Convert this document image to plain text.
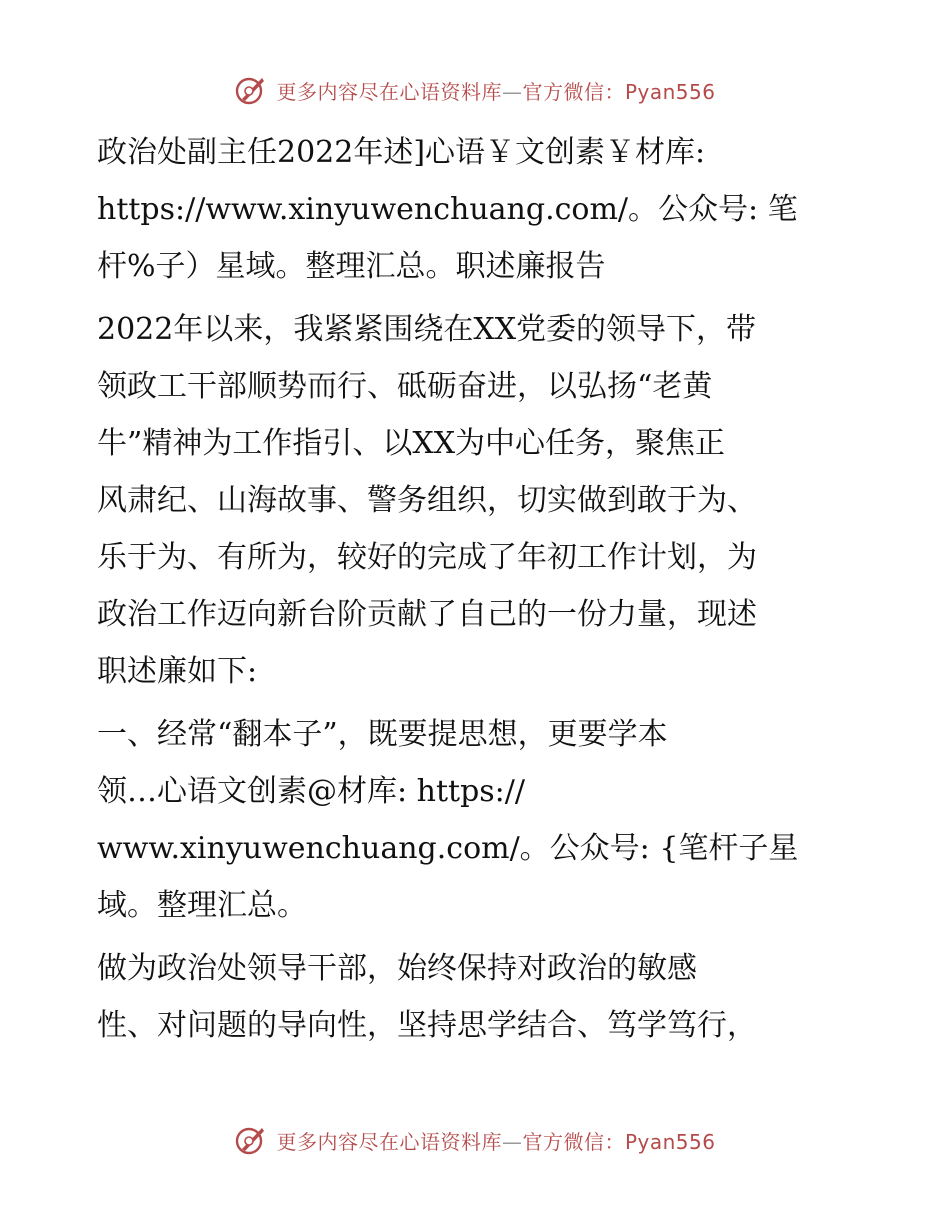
更多内容尽在心语资料库—官方微信：Pyan556

政治处副主任2022年述]心语￥文创素￥材库:
https://www.xinyuwenchuang.com/。公众号: 笔
杆%子）星域。整理汇总。职述廉报告

2022年以来，我紧紧围绕在XX党委的领导下，带
领政工干部顺势而行、砥砺奋进，以弘扬“老黄
牛”精神为工作指引、以XX为中心任务，聚焦正
风肃纪、山海故事、警务组织，切实做到敢于为、
乐于为、有所为，较好的完成了年初工作计划，为
政治工作迈向新台阶贡献了自己的一份力量，现述
职述廉如下:

一、经常“翻本子”，既要提思想，更要学本
领…心语文创素@材库: https://
www.xinyuwenchuang.com/。公众号: {笔杆子星
域。整理汇总。

做为政治处领导干部，始终保持对政治的敏感
性、对问题的导向性，坚持思学结合、笃学笃行，

更多内容尽在心语资料库—官方微信：Pyan556
